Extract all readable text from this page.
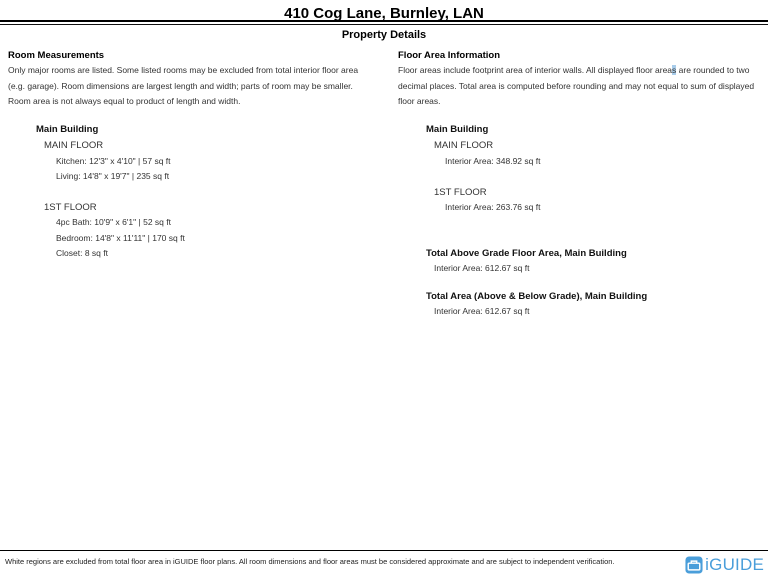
410 Cog Lane, Burnley, LAN
Property Details
Room Measurements
Only major rooms are listed. Some listed rooms may be excluded from total interior floor area
(e.g. garage). Room dimensions are largest length and width; parts of room may be smaller.
Room area is not always equal to product of length and width.
Main Building
MAIN FLOOR
Kitchen: 12'3" x 4'10" | 57 sq ft
Living: 14'8" x 19'7" | 235 sq ft
1ST FLOOR
4pc Bath: 10'9" x 6'1" | 52 sq ft
Bedroom: 14'8" x 11'11" | 170 sq ft
Closet: 8 sq ft
Floor Area Information
Floor areas include footprint area of interior walls. All displayed floor areas are rounded to two
decimal places. Total area is computed before rounding and may not equal to sum of displayed
floor areas.
Main Building
MAIN FLOOR
Interior Area: 348.92 sq ft
1ST FLOOR
Interior Area: 263.76 sq ft
Total Above Grade Floor Area, Main Building
Interior Area: 612.67 sq ft
Total Area (Above & Below Grade), Main Building
Interior Area: 612.67 sq ft
White regions are excluded from total floor area in iGUIDE floor plans. All room dimensions and floor areas must be considered approximate and are subject to independent verification.	iGUIDE
